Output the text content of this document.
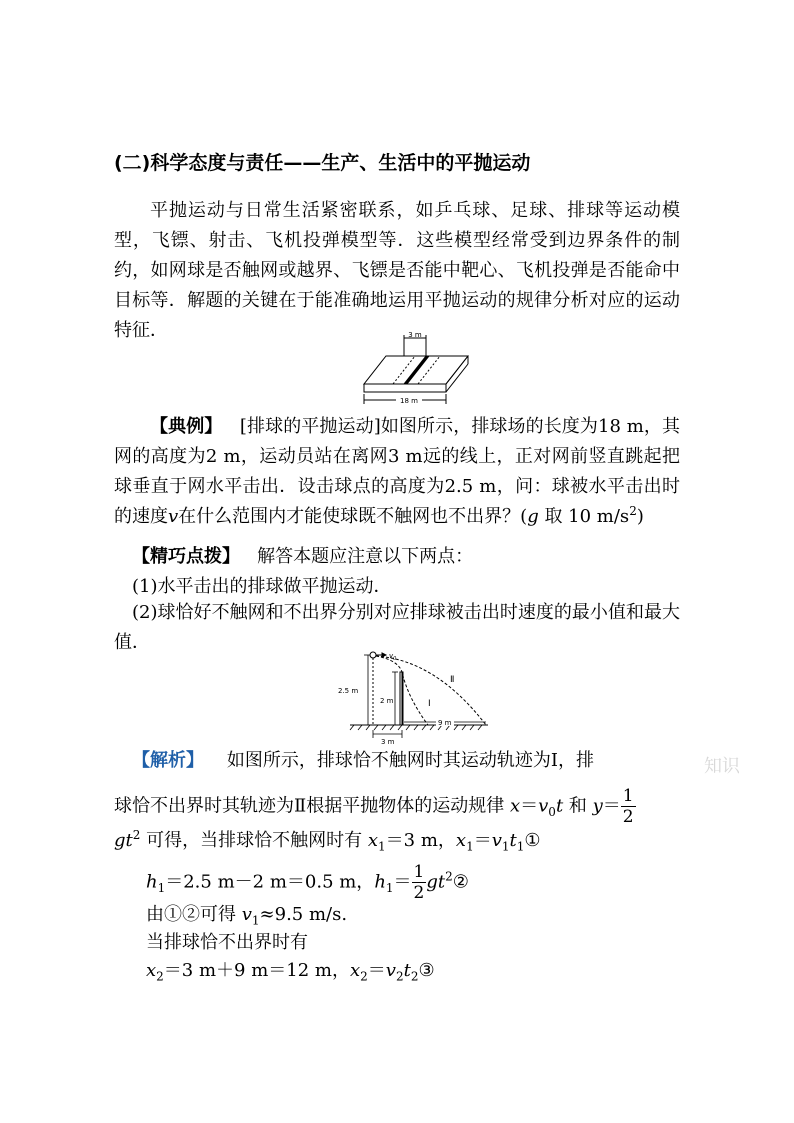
(二)科学态度与责任——生产、生活中的平抛运动
平抛运动与日常生活紧密联系，如乒乓球、足球、排球等运动模型，飞镖、射击、飞机投弹模型等．这些模型经常受到边界条件的制约，如网球是否触网或越界、飞镖是否能中靶心、飞机投弹是否能命中目标等．解题的关键在于能准确地运用平抛运动的规律分析对应的运动特征．	3 m
18 m
【典例】 [排球的平抛运动]如图所示，排球场的长度为18 m，其网的高度为2 m，运动员站在离网3 m远的线上，正对网前竖直跳起把球垂直于网水平击出．设击球点的高度为2.5 m，问：球被水平击出时的速度v在什么范围内才能使球既不触网也不出界？(g 取 10 $m/s^2$)
【精巧点拨】 解答本题应注意以下两点：
(1)水平击出的排球做平抛运动．
(2)球恰好不触网和不出界分别对应排球被击出时速度的最小值和最大值．
$v_0$
Ⅱ
Ⅰ
2.5 m
2 m
9 m
3 m
【解析】 如图所示，排球恰不触网时其运动轨迹为Ⅰ，排	知识
球恰不出界时其轨迹为Ⅱ根据平抛物体的运动规律 $x=v_0t$ 和 $y= \frac{1}{2}$
$gt^2$ 可得，当排球恰不触网时有 $x_1=3$ m，$x_1=v_1t_1①$
$h_1=2.5$ m－2 m＝0.5 m，$h_1= \frac{1}{2}$ $gt^2②$
由①②可得 $v_1\approx 9.5$ m/s.
当排球恰不出界时有
$x_2=3$ m＋9 m＝12 m，$x_2=v_2t_2③$
